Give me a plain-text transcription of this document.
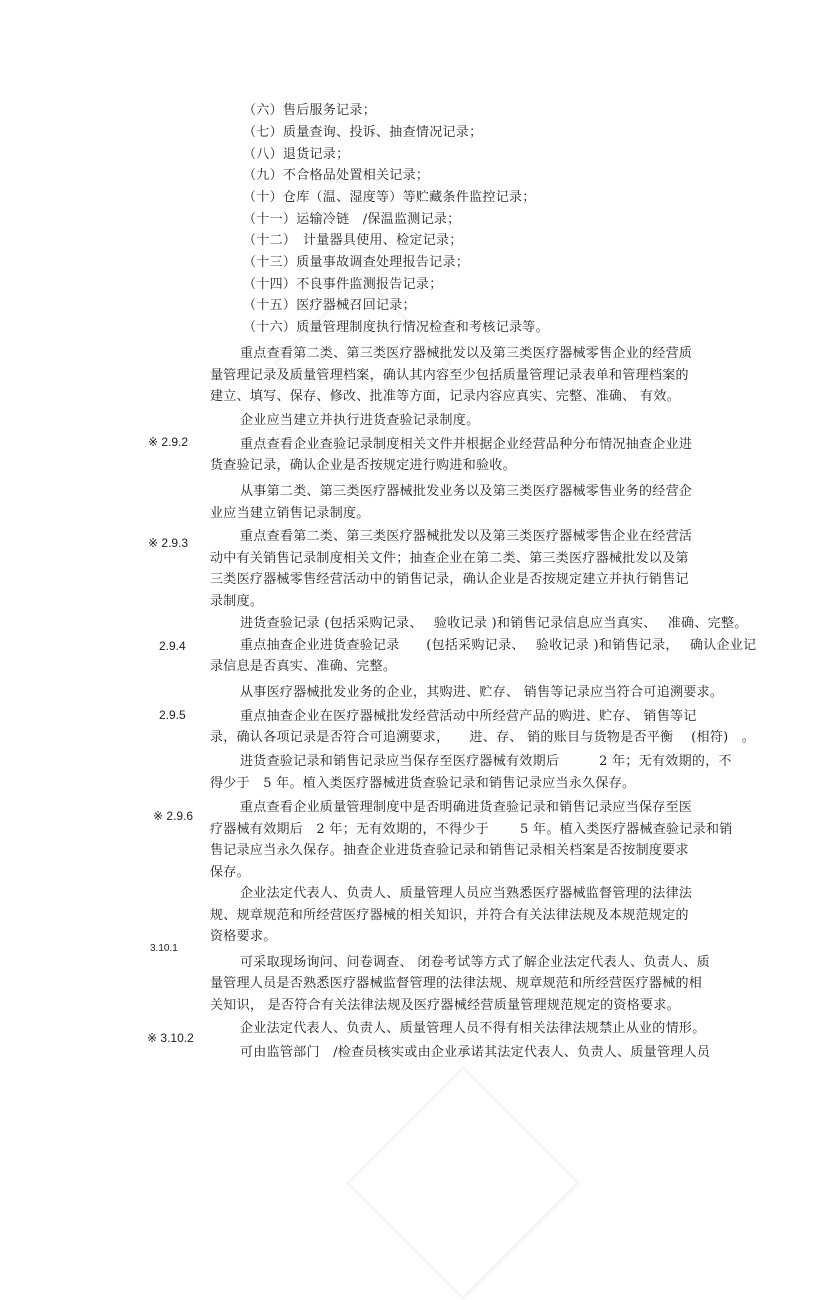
（六）售后服务记录；
（七）质量查询、投诉、抽查情况记录；
（八）退货记录；
（九）不合格品处置相关记录；
（十）仓库（温、湿度等）等贮藏条件监控记录；
（十一）运输冷链　/保温监测记录；
（十二）　计量器具使用、检定记录；
（十三）质量事故调查处理报告记录；
（十四）不良事件监测报告记录；
（十五）医疗器械召回记录；
（十六）质量管理制度执行情况检查和考核记录等。
重点查看第二类、第三类医疗器械批发以及第三类医疗器械零售企业的经营质
量管理记录及质量管理档案，确认其内容至少包括质量管理记录表单和管理档案的
建立、填写、保存、修改、批准等方面，记录内容应真实、完整、准确、 有效。
企业应当建立并执行进货查验记录制度。
※ 2.9.2	重点查看企业查验记录制度相关文件并根据企业经营品种分布情况抽查企业进
货查验记录，确认企业是否按规定进行购进和验收。
从事第二类、第三类医疗器械批发业务以及第三类医疗器械零售业务的经营企
业应当建立销售记录制度。
※ 2.9.3	重点查看第二类、第三类医疗器械批发以及第三类医疗器械零售企业在经营活
动中有关销售记录制度相关文件；抽查企业在第二类、第三类医疗器械批发以及第
三类医疗器械零售经营活动中的销售记录，确认企业是否按规定建立并执行销售记
录制度。
进货查验记录 (包括采购记录、　 验收记录 )和销售记录信息应当真实、　 准确、完整。
2.9.4	重点抽查企业进货查验记录　　(包括采购记录、　 验收记录 )和销售记录，　 确认企业记
录信息是否真实、准确、完整。
从事医疗器械批发业务的企业，其购进、贮存、 销售等记录应当符合可追溯要求。
2.9.5	重点抽查企业在医疗器械批发经营活动中所经营产品的购进、贮存、 销售等记
录，确认各项记录是否符合可追溯要求，　　进、存、 销的账目与货物是否平衡　 (相符)　。
进货查验记录和销售记录应当保存至医疗器械有效期后　　　2 年；无有效期的，不
得少于　5 年。植入类医疗器械进货查验记录和销售记录应当永久保存。
※ 2.9.6
重点查看企业质量管理制度中是否明确进货查验记录和销售记录应当保存至医
疗器械有效期后　2 年；无有效期的，不得少于　　 5 年。植入类医疗器械查验记录和销
售记录应当永久保存。抽查企业进货查验记录和销售记录相关档案是否按制度要求
保存。
企业法定代表人、负责人、质量管理人员应当熟悉医疗器械监督管理的法律法
规、规章规范和所经营医疗器械的相关知识，并符合有关法律法规及本规范规定的
资格要求。
3.10.1
可采取现场询问、问卷调查、 闭卷考试等方式了解企业法定代表人、负责人、质
量管理人员是否熟悉医疗器械监督管理的法律法规、规章规范和所经营医疗器械的相
关知识， 是否符合有关法律法规及医疗器械经营质量管理规范规定的资格要求。
企业法定代表人、负责人、质量管理人员不得有相关法律法规禁止从业的情形。
※ 3.10.2
可由监管部门　/检查员核实或由企业承诺其法定代表人、负责人、质量管理人员
